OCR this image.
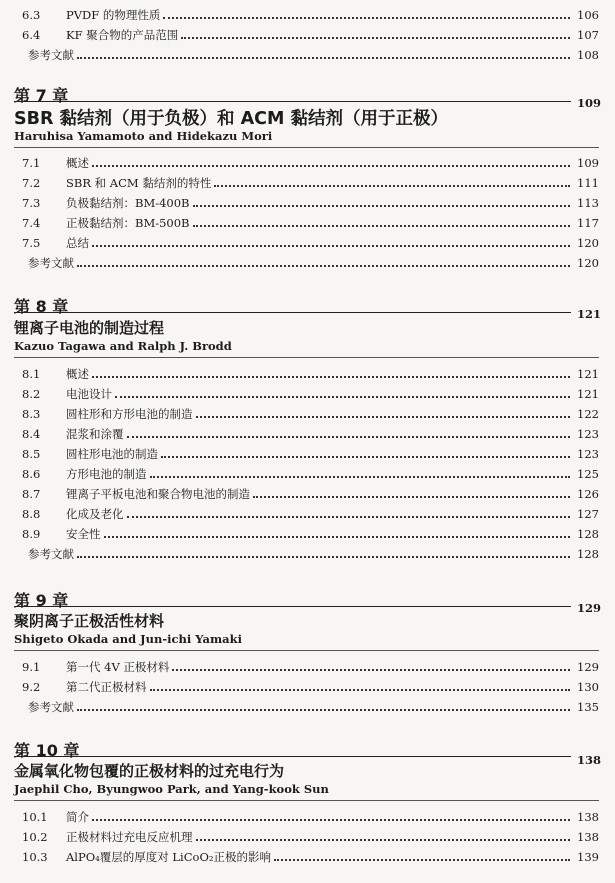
6.3	PVDF 的物理性质	106
6.4	KF 聚合物的产品范围	107
参考文献	108
第 7 章	109
SBR 黏结剂（用于负极）和 ACM 黏结剂（用于正极）
Haruhisa Yamamoto and Hidekazu Mori
7.1	概述	109
7.2	SBR 和 ACM 黏结剂的特性	111
7.3	负极黏结剂：BM-400B	113
7.4	正极黏结剂：BM-500B	117
7.5	总结	120
参考文献	120
第 8 章	121
锂离子电池的制造过程
Kazuo Tagawa and Ralph J. Brodd
8.1	概述	121
8.2	电池设计	121
8.3	圆柱形和方形电池的制造	122
8.4	混浆和涂覆	123
8.5	圆柱形电池的制造	123
8.6	方形电池的制造	125
8.7	锂离子平板电池和聚合物电池的制造	126
8.8	化成及老化	127
8.9	安全性	128
参考文献	128
第 9 章	129
聚阴离子正极活性材料
Shigeto Okada and Jun-ichi Yamaki
9.1	第一代 4V 正极材料	129
9.2	第二代正极材料	130
参考文献	135
第 10 章	138
金属氧化物包覆的正极材料的过充电行为
Jaephil Cho, Byungwoo Park, and Yang-kook Sun
10.1	简介	138
10.2	正极材料过充电反应机理	138
10.3	AlPO₄覆层的厚度对 LiCoO₂正极的影响	139
